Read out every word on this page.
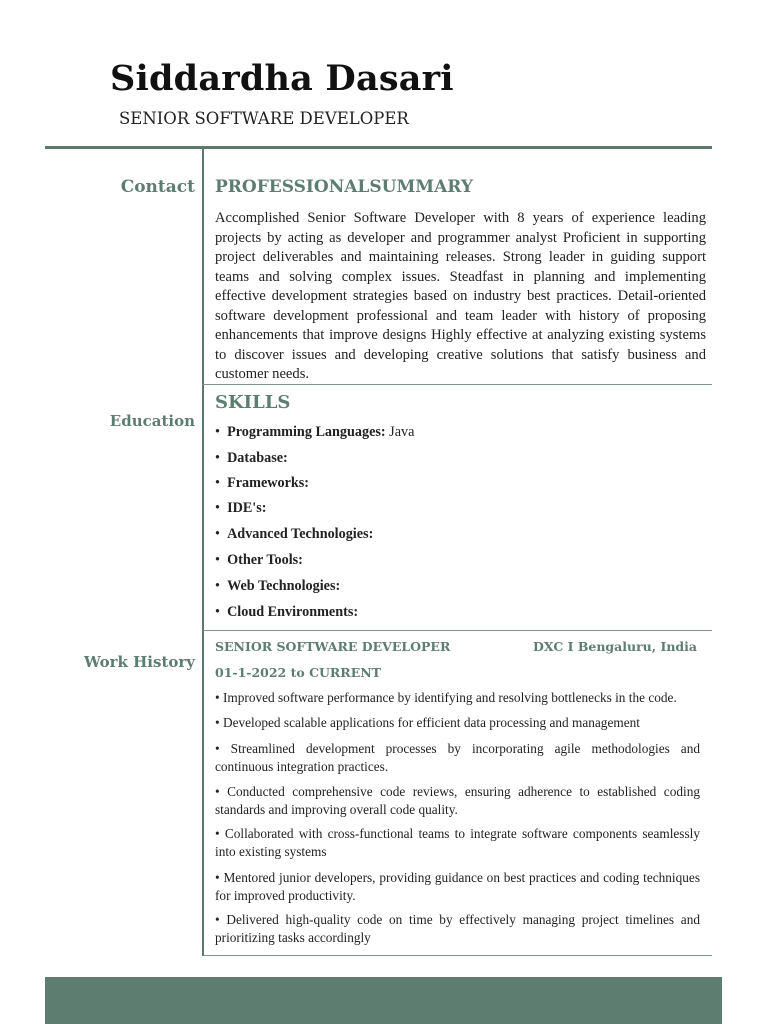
Siddardha Dasari

SENIOR SOFTWARE DEVELOPER

Contact

Education

Work History

PROFESSIONALSUMMARY

Accomplished Senior Software Developer with 8 years of experience leading projects by acting as developer and programmer analyst Proficient in supporting project deliverables and maintaining releases. Strong leader in guiding support teams and solving complex issues. Steadfast in planning and implementing effective development strategies based on industry best practices. Detail-oriented software development professional and team leader with history of proposing enhancements that improve designs Highly effective at analyzing existing systems to discover issues and developing creative solutions that satisfy business and customer needs.

SKILLS

•  Programming Languages: Java

•  Database:

•  Frameworks:

•  IDE's:

•  Advanced Technologies:

•  Other Tools:

•  Web Technologies:

•  Cloud Environments:

SENIOR SOFTWARE DEVELOPER	DXC I Bengaluru, India

01-1-2022 to CURRENT

• Improved software performance by identifying and resolving bottlenecks in the code.

• Developed scalable applications for efficient data processing and management

• Streamlined development processes by incorporating agile methodologies and continuous integration practices.

• Conducted comprehensive code reviews, ensuring adherence to established coding standards and improving overall code quality.

• Collaborated with cross-functional teams to integrate software components seamlessly into existing systems

• Mentored junior developers, providing guidance on best practices and coding techniques for improved productivity.

• Delivered high-quality code on time by effectively managing project timelines and prioritizing tasks accordingly
